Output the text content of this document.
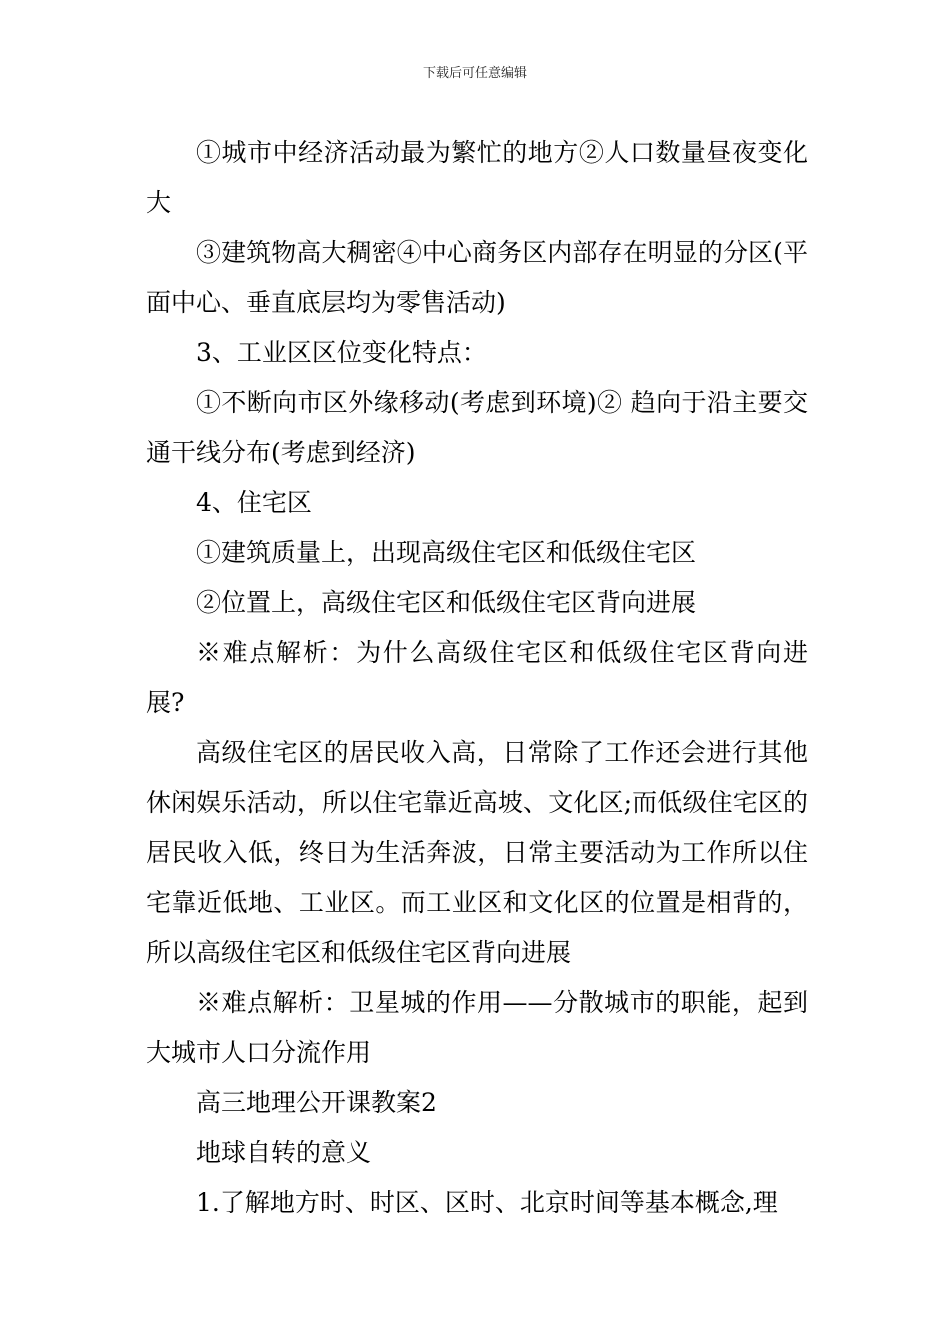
下载后可任意编辑

①城市中经济活动最为繁忙的地方②人口数量昼夜变化大

③建筑物高大稠密④中心商务区内部存在明显的分区(平面中心、垂直底层均为零售活动)

3、工业区区位变化特点：

①不断向市区外缘移动(考虑到环境)② 趋向于沿主要交通干线分布(考虑到经济)

4、住宅区

①建筑质量上，出现高级住宅区和低级住宅区

②位置上，高级住宅区和低级住宅区背向进展

※难点解析：为什么高级住宅区和低级住宅区背向进展?

高级住宅区的居民收入高，日常除了工作还会进行其他休闲娱乐活动，所以住宅靠近高坡、文化区;而低级住宅区的居民收入低，终日为生活奔波，日常主要活动为工作所以住宅靠近低地、工业区。而工业区和文化区的位置是相背的，所以高级住宅区和低级住宅区背向进展

※难点解析：卫星城的作用——分散城市的职能，起到大城市人口分流作用

高三地理公开课教案2

地球自转的意义

1.了解地方时、时区、区时、北京时间等基本概念,理
